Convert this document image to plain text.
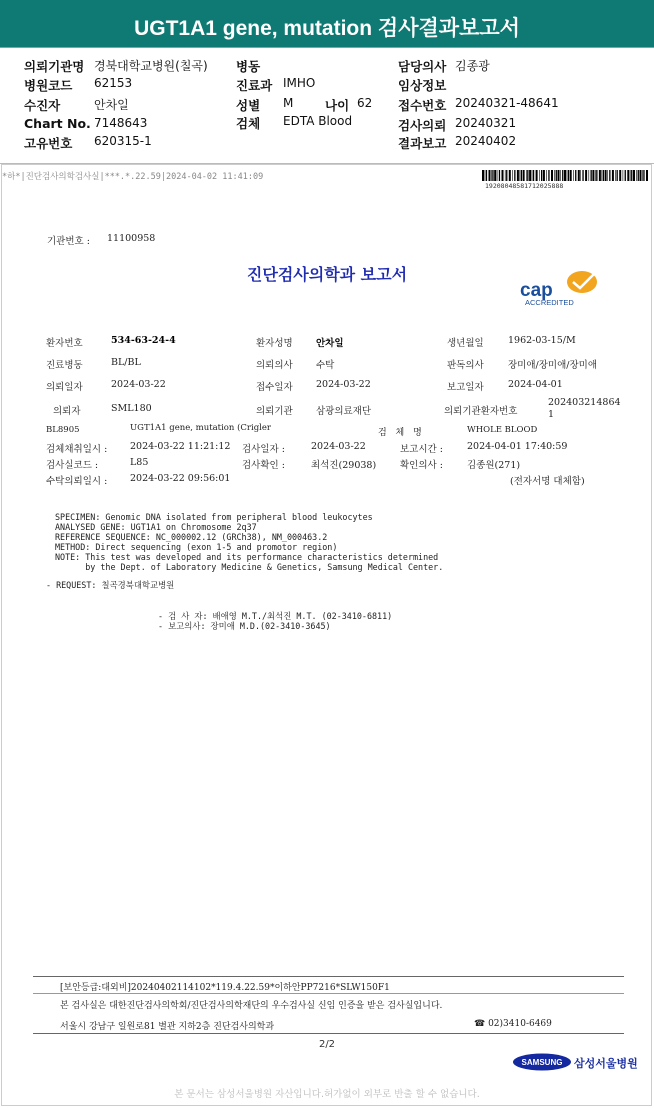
UGT1A1 gene, mutation 검사결과보고서
의뢰기관명 경북대학교병원(칠곡)
병원코드 62153
수진자	안차일
Chart No. 7148643
고유번호 620315-1
병동
진료과 IMHO
성별 M	나이 62
검체 EDTA Blood
담당의사 김종광
임상정보
접수번호 20240321-48641
검사의뢰 20240321
결과보고 20240402
*하*|진단검사의학검사실|***.*.22.59|2024-04-02 11:41:09
19208048581712025888
기관번호 : 11100958
진단검사의학과 보고서
cap
ACCREDITED
환자번호	534-63-24-4	환자성명 안차일	생년월일	1962-03-15/M
진료병동	BL/BL	의뢰의사 수탁	판독의사	장미애/장미애/장미애
의뢰일자	2024-03-22	접수일자 2024-03-22	보고일자	2024-04-01
의뢰자	SML180	의뢰기관 삼광의료재단	의뢰기관환자번호
202403214864
1
BL8905	UGT1A1 gene, mutation (Crigler	검 체 명	WHOLE BLOOD
검체채취일시 : 2024-03-22 11:21:12 검사일자 :	2024-03-22	보고시간 :	2024-04-01 17:40:59
검사실코드 :	L85	검사확인 :	최석진(29038)	확인의사 :	김종원(271)
수탁의뢰일시 : 2024-03-22 09:56:01	(전자서명 대체함)
SPECIMEN: Genomic DNA isolated from peripheral blood leukocytes
ANALYSED GENE: UGT1A1 on Chromosome 2q37
REFERENCE SEQUENCE: NC_000002.12 (GRCh38), NM_000463.2
METHOD: Direct sequencing (exon 1-5 and promotor region)
NOTE: This test was developed and its performance characteristics determined
by the Dept. of Laboratory Medicine & Genetics, Samsung Medical Center.
- REQUEST: 칠곡경북대학교병원
- 검 사 자: 배애영 M.T./최석진 M.T. (02-3410-6811)
- 보고의사: 장미애 M.D.(02-3410-3645)
[보안등급:대외비]20240402114102*119.4.22.59*이하안PP7216*SLW150F1
본 검사실은 대한진단검사의학회/진단검사의학재단의 우수검사실 신임 인증을 받은 검사실입니다.
서울시 강남구 일원로81 별관 지하2층 진단검사의학과	☎ 02)3410-6469
2/2
SAMSUNG 삼성서울병원
본 문서는 삼성서울병원 자산입니다.허가없이 외부로 반출 할 수 없습니다.
